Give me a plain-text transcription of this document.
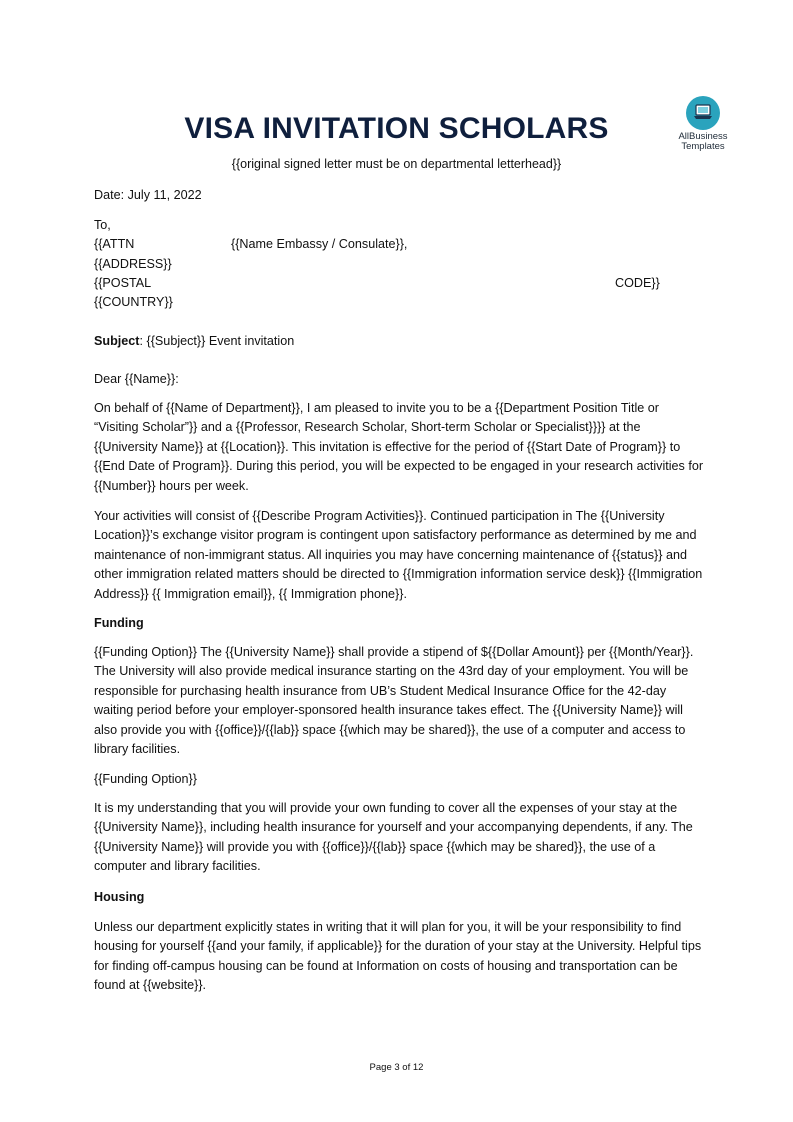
AllBusiness
Templates
VISA INVITATION SCHOLARS
{{original signed letter must be on departmental letterhead}}
Date: July 11, 2022
To,
{{ATTN	{{Name Embassy / Consulate}},
{{ADDRESS}}
{{POSTAL	CODE}}
{{COUNTRY}}
Subject: {{Subject}} Event invitation
Dear {{Name}}:

On behalf of {{Name of Department}}, I am pleased to invite you to be a {{Department Position Title or “Visiting Scholar”}} and a {{Professor, Research Scholar, Short-term Scholar or Specialist}}}} at the {{University Name}} at {{Location}}. This invitation is effective for the period of {{Start Date of Program}} to {{End Date of Program}}. During this period, you will be expected to be engaged in your research activities for {{Number}} hours per week.

Your activities will consist of {{Describe Program Activities}}. Continued participation in The {{University Location}}’s exchange visitor program is contingent upon satisfactory performance as determined by me and maintenance of non-immigrant status. All inquiries you may have concerning maintenance of {{status}} and other immigration related matters should be directed to {{Immigration information service desk}} {{Immigration Address}} {{ Immigration email}}, {{ Immigration phone}}.

Funding

{{Funding Option}} The {{University Name}} shall provide a stipend of ${{Dollar Amount}} per {{Month/Year}}. The University will also provide medical insurance starting on the 43rd day of your employment. You will be responsible for purchasing health insurance from UB’s Student Medical Insurance Office for the 42-day waiting period before your employer-sponsored health insurance takes effect. The {{University Name}} will also provide you with {{office}}/{{lab}} space {{which may be shared}}, the use of a computer and access to library facilities.

{{Funding Option}}

It is my understanding that you will provide your own funding to cover all the expenses of your stay at the {{University Name}}, including health insurance for yourself and your accompanying dependents, if any. The {{University Name}} will provide you with {{office}}/{{lab}} space {{which may be shared}}, the use of a computer and library facilities.

Housing

Unless our department explicitly states in writing that it will plan for you, it will be your responsibility to find housing for yourself {{and your family, if applicable}} for the duration of your stay at the University. Helpful tips for finding off-campus housing can be found at Information on costs of housing and transportation can be found at {{website}}.

Page 3 of 12
